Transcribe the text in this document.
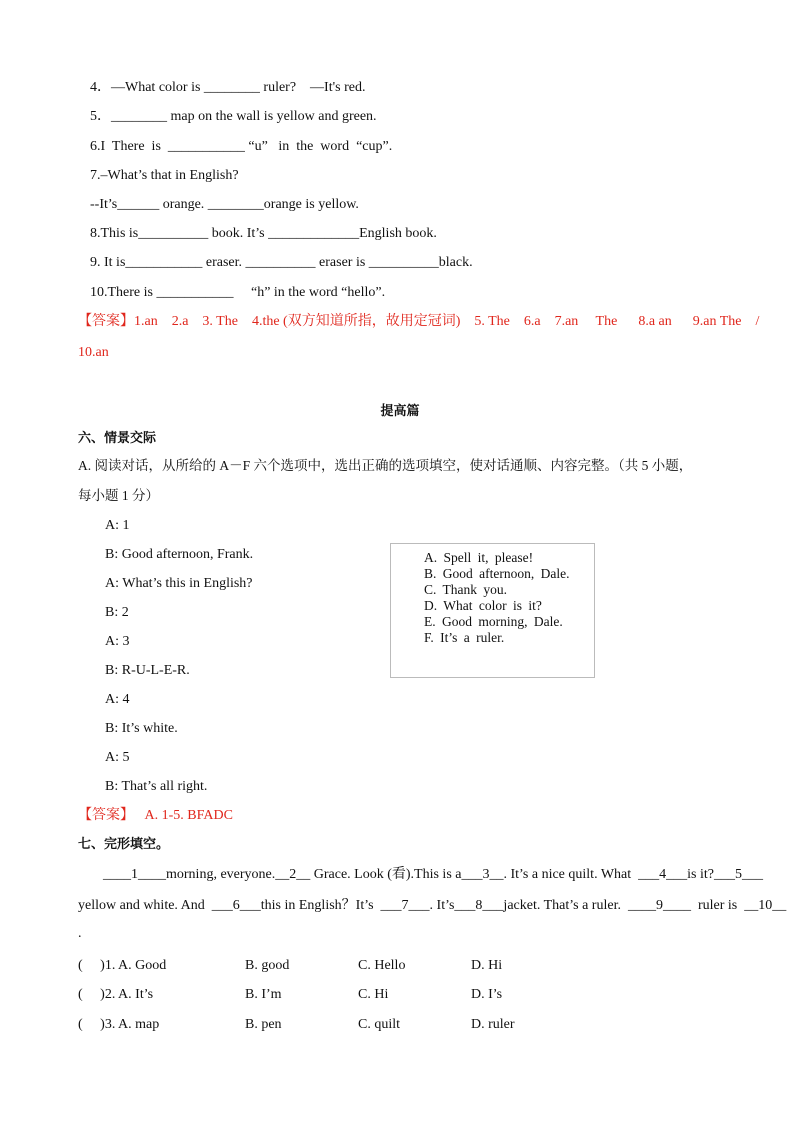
4．—What color is ________ ruler?    —It's red.
5．________ map on the wall is yellow and green.
6.I  There  is  ___________ “u”   in  the  word  “cup”.
7.–What’s that in English?
--It’s______ orange. ________orange is yellow.
8.This is__________ book. It’s _____________English book.
9. It is___________ eraser. __________ eraser is __________black.
10.There is ___________     “h” in the word “hello”.
【答案】1.an    2.a    3. The    4.the (双方知道所指，故用定冠词)    5. The    6.a    7.an     The      8.a an      9.an The    /
10.an
提高篇
六、情景交际
A. 阅读对话，从所给的 A－F 六个选项中，选出正确的选项填空，使对话通顺、内容完整。（共 5 小题，
每小题 1 分）
A: 1
B: Good afternoon, Frank.
A: What’s this in English?
B: 2
A: 3
B: R-U-L-E-R.
A: 4
B: It’s white.
A: 5
B: That’s all right.
A. Spell it, please!
B. Good afternoon, Dale.
C. Thank you.
D. What color is it?
E. Good morning, Dale.
F. It’s a ruler.
【答案】   A. 1-5. BFADC
七、完形填空。
____1____morning, everyone.__2__ Grace. Look (看).This is a___3__. It’s a nice quilt. What  ___4___is it?___5___
yellow and white. And  ___6___this in English？It’s  ___7___. It’s___8___jacket. That’s a ruler.  ____9____  ruler is  __10__
.
(     )1. A. Good	B. good	C. Hello	D. Hi
(     )2. A. It’s	B. I’m	C. Hi	D. I’s
(     )3. A. map	B. pen	C. quilt	D. ruler
